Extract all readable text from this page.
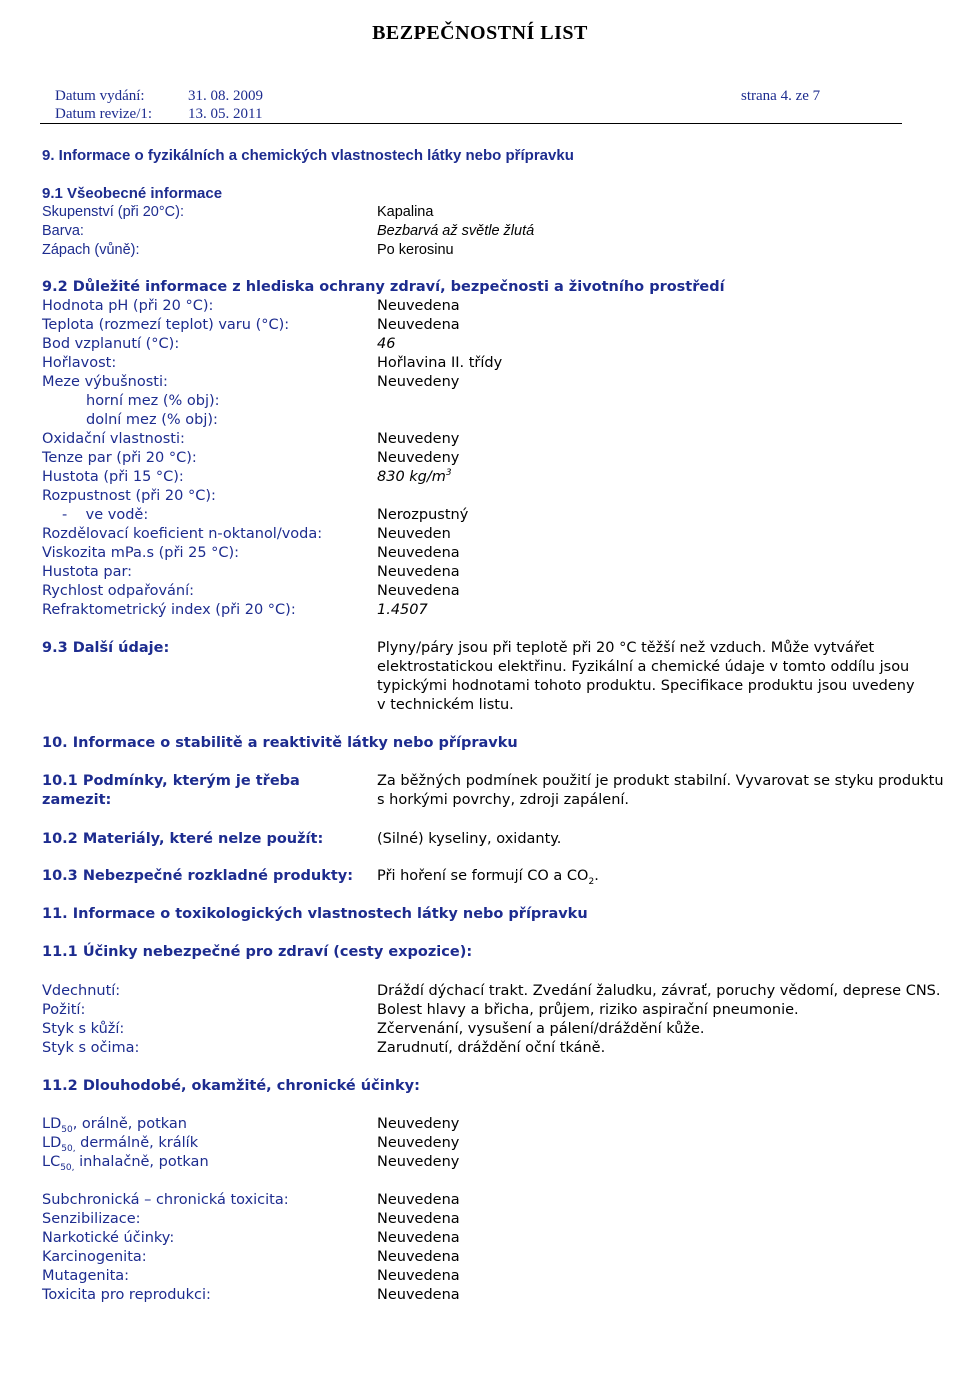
BEZPEČNOSTNÍ LIST
Datum vydání:	31. 08. 2009	strana 4. ze 7
Datum revize/1: 13. 05. 2011
9. Informace o fyzikálních a chemických vlastnostech látky nebo přípravku
9.1 Všeobecné informace
Skupenství (při 20°C):	Kapalina
Barva:	Bezbarvá až světle žlutá
Zápach (vůně):	Po kerosinu
9.2 Důležité informace z hlediska ochrany zdraví, bezpečnosti a životního prostředí
Hodnota pH (při 20 °C):	Neuvedena
Teplota (rozmezí teplot) varu (°C):	Neuvedena
Bod vzplanutí (°C):	46
Hořlavost:	Hořlavina II. třídy
Meze výbušnosti:	Neuvedeny
horní mez (% obj):
dolní mez (% obj):
Oxidační vlastnosti:	Neuvedeny
Tenze par (při 20 °C):	Neuvedeny
Hustota (při 15 °C):	830 $kg/m^3$
Rozpustnost (při 20 °C):
-    ve vodě:	Nerozpustný
Rozdělovací koeficient n-oktanol/voda:	Neuveden
Viskozita mPa.s (při 25 °C):	Neuvedena
Hustota par:	Neuvedena
Rychlost odpařování:	Neuvedena
Refraktometrický index (při 20 °C):	1.4507
9.3 Další údaje:	Plyny/páry jsou při teplotě při 20 °C těžší než vzduch. Může vytvářet
elektrostatickou elektřinu. Fyzikální a chemické údaje v tomto oddílu jsou
typickými hodnotami tohoto produktu. Specifikace produktu jsou uvedeny
v technickém listu.
10. Informace o stabilitě a reaktivitě látky nebo přípravku
10.1 Podmínky, kterým je třeba
zamezit:
Za běžných podmínek použití je produkt stabilní. Vyvarovat se styku produktu
s horkými povrchy, zdroji zapálení.
10.2 Materiály, které nelze použít:	(Silné) kyseliny, oxidanty.
10.3 Nebezpečné rozkladné produkty: Při hoření se formují CO a $CO_2$.
11. Informace o toxikologických vlastnostech látky nebo přípravku
11.1 Účinky nebezpečné pro zdraví (cesty expozice):
Vdechnutí:	Dráždí dýchací trakt. Zvedání žaludku, závrať, poruchy vědomí, deprese CNS.
Požití:	Bolest hlavy a břicha, průjem, riziko aspirační pneumonie.
Styk s kůží:	Zčervenání, vysušení a pálení/dráždění kůže.
Styk s očima:	Zarudnutí, dráždění oční tkáně.
11.2 Dlouhodobé, okamžité, chronické účinky:
$LD_{50}$, orálně, potkan	Neuvedeny
$LD_{50,}$ dermálně, králík	Neuvedeny
$LC_{50,}$ inhalačně, potkan	Neuvedeny
Subchronická – chronická toxicita:	Neuvedena
Senzibilizace:	Neuvedena
Narkotické účinky:	Neuvedena
Karcinogenita:	Neuvedena
Mutagenita:	Neuvedena
Toxicita pro reprodukci:	Neuvedena
